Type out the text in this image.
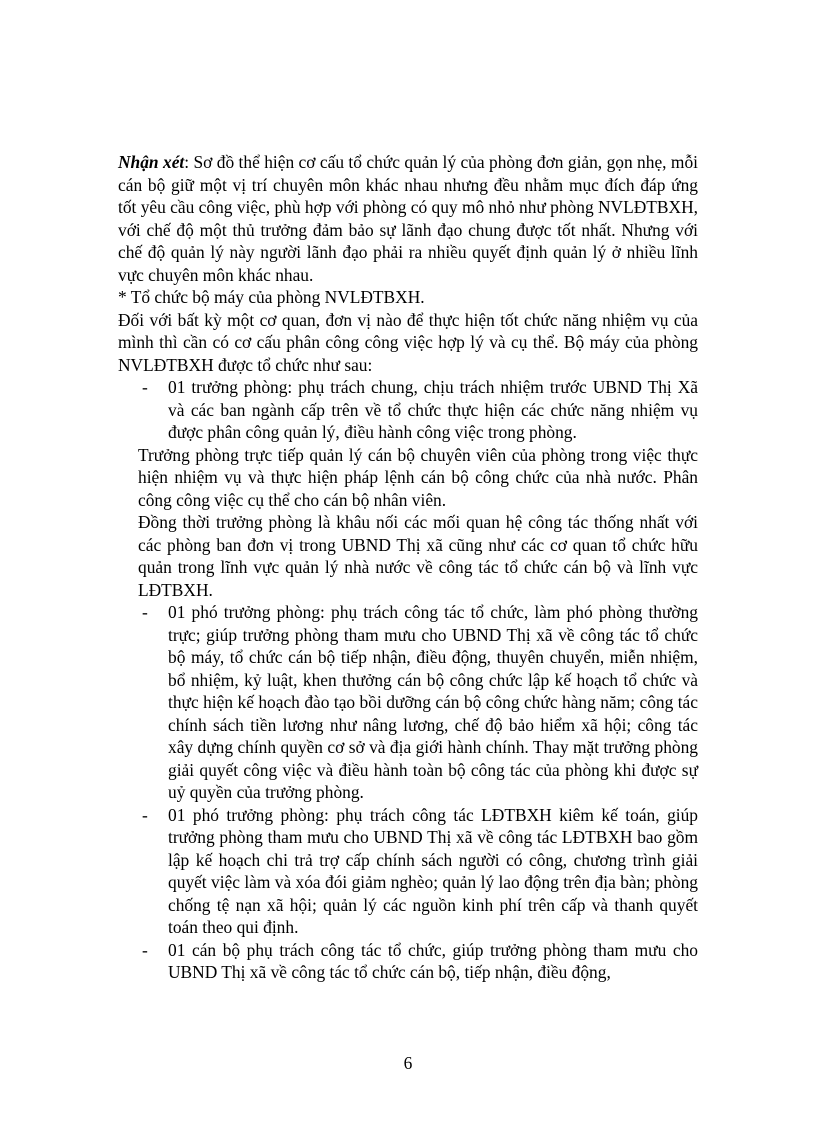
Nhận xét: Sơ đồ thể hiện cơ cấu tổ chức quản lý của phòng đơn giản, gọn nhẹ, mỗi cán bộ giữ một vị trí chuyên môn khác nhau nhưng đều nhằm mục đích đáp ứng tốt yêu cầu công việc, phù hợp với phòng có quy mô nhỏ như phòng NVLĐTBXH, với chế độ một thủ trưởng đảm bảo sự lãnh đạo chung được tốt nhất. Nhưng với chế độ quản lý này người lãnh đạo phải ra nhiều quyết định quản lý ở nhiều lĩnh vực chuyên môn khác nhau.

* Tổ chức bộ máy của phòng NVLĐTBXH.

Đối với bất kỳ một cơ quan, đơn vị nào để thực hiện tốt chức năng nhiệm vụ của mình thì cần có cơ cấu phân công công việc hợp lý và cụ thể. Bộ máy của phòng NVLĐTBXH được tổ chức như sau:

- 01 trưởng phòng: phụ trách chung, chịu trách nhiệm trước UBND Thị Xã và các ban ngành cấp trên về tổ chức thực hiện các chức năng nhiệm vụ được phân công quản lý, điều hành công việc trong phòng.

Trưởng phòng trực tiếp quản lý cán bộ chuyên viên của phòng trong việc thực hiện nhiệm vụ và thực hiện pháp lệnh cán bộ công chức của nhà nước. Phân công công việc cụ thể cho cán bộ nhân viên.

Đồng thời trưởng phòng là khâu nối các mối quan hệ công tác thống nhất với các phòng ban đơn vị trong UBND Thị xã cũng như các cơ quan tổ chức hữu quản trong lĩnh vực quản lý nhà nước về công tác tổ chức cán bộ và lĩnh vực LĐTBXH.

- 01 phó trưởng phòng: phụ trách công tác tổ chức, làm phó phòng thường trực; giúp trưởng phòng tham mưu cho UBND Thị xã về công tác tổ chức bộ máy, tổ chức cán bộ tiếp nhận, điều động, thuyên chuyển, miễn nhiệm, bổ nhiệm, kỷ luật, khen thưởng cán bộ công chức lập kế hoạch tổ chức và thực hiện kế hoạch đào tạo bồi dưỡng cán bộ công chức hàng năm; công tác chính sách tiền lương như nâng lương, chế độ bảo hiểm xã hội; công tác xây dựng chính quyền cơ sở và địa giới hành chính. Thay mặt trưởng phòng giải quyết công việc và điều hành toàn bộ công tác của phòng khi được sự uỷ quyền của trưởng phòng.
- 01 phó trưởng phòng: phụ trách công tác LĐTBXH kiêm kế toán, giúp trưởng phòng tham mưu cho UBND Thị xã về công tác LĐTBXH bao gồm lập kế hoạch chi trả trợ cấp chính sách người có công, chương trình giải quyết việc làm và xóa đói giảm nghèo; quản lý lao động trên địa bàn; phòng chống tệ nạn xã hội; quản lý các nguồn kinh phí trên cấp và thanh quyết toán theo qui định.
- 01 cán bộ phụ trách công tác tổ chức, giúp trưởng phòng tham mưu cho UBND Thị xã về công tác tổ chức cán bộ, tiếp nhận, điều động,
6
